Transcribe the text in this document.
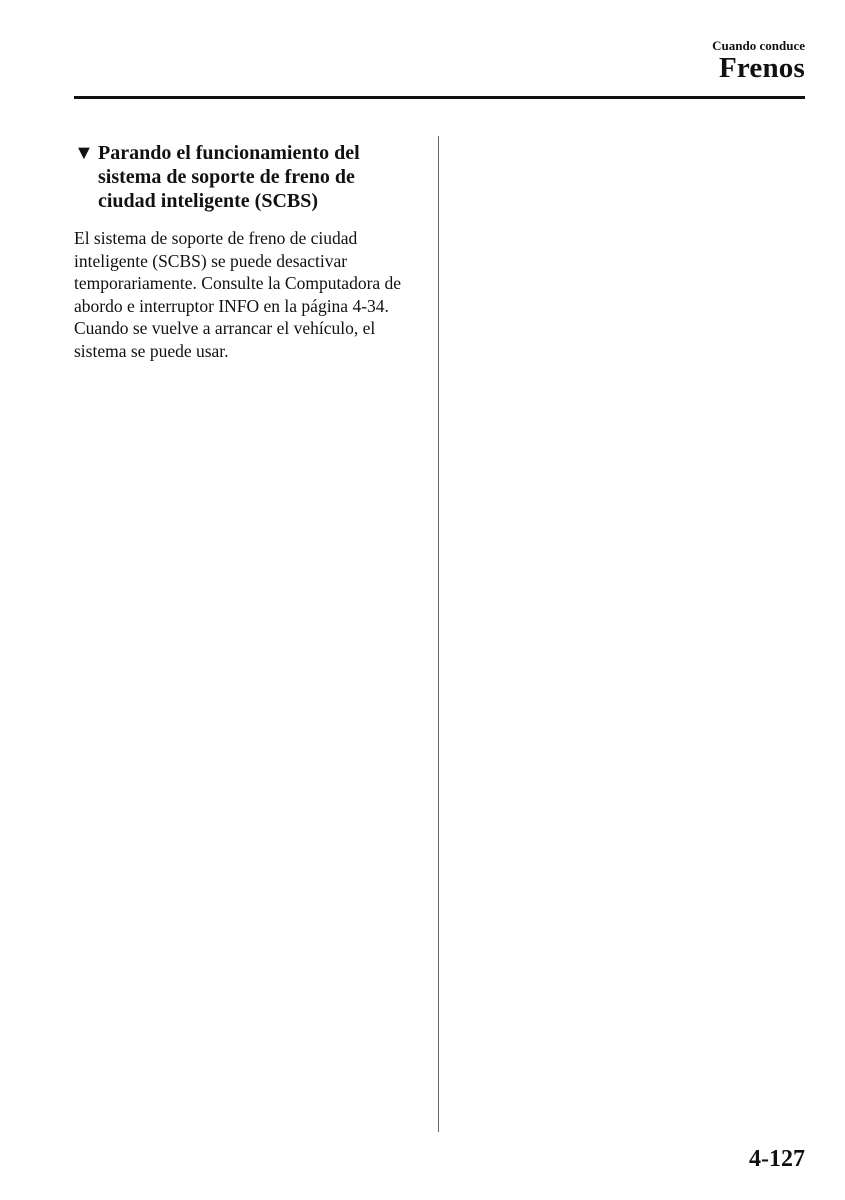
Cuando conduce
Frenos
▼ Parando el funcionamiento del sistema de soporte de freno de ciudad inteligente (SCBS)

El sistema de soporte de freno de ciudad inteligente (SCBS) se puede desactivar temporariamente. Consulte la Computadora de abordo e interruptor INFO en la página 4-34.
Cuando se vuelve a arrancar el vehículo, el sistema se puede usar.

4-127
